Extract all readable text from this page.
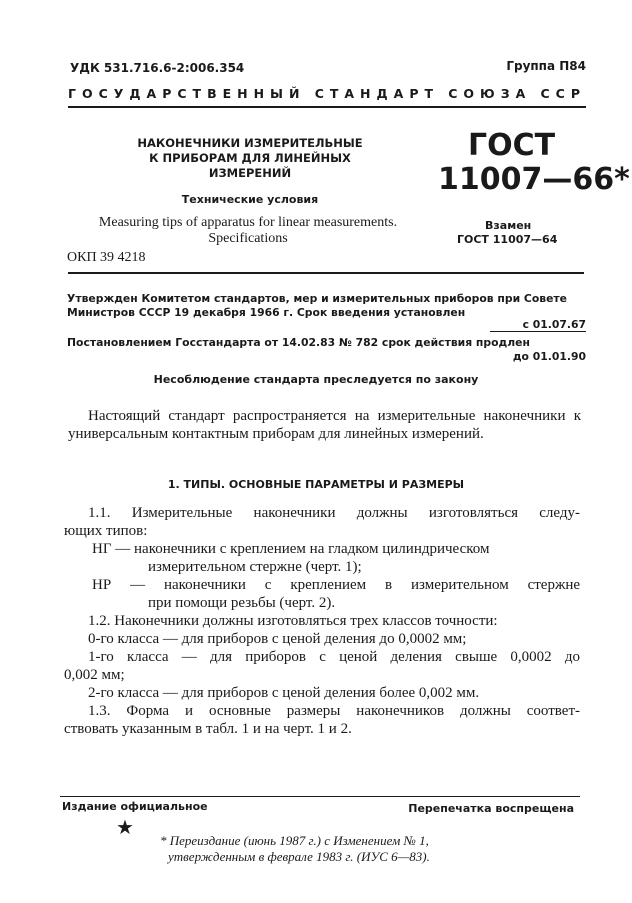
УДК 531.716.6-2:006.354	Группа П84
ГОСУДАРСТВЕННЫЙ СТАНДАРТ СОЮЗА ССР
НАКОНЕЧНИКИ ИЗМЕРИТЕЛЬНЫЕ
К ПРИБОРАМ ДЛЯ ЛИНЕЙНЫХ
ИЗМЕРЕНИЙ
Технические условия
Measuring tips of apparatus for linear measurements.
Specifications
ОКП 39 4218
ГОСТ
11007—66*
Взамен
ГОСТ 11007—64
Утвержден Комитетом стандартов, мер и измерительных приборов при Совете
Министров СССР 19 декабря 1966 г. Срок введения установлен
с 01.07.67
Постановлением Госстандарта от 14.02.83 № 782 срок действия продлен
до 01.01.90
Несоблюдение стандарта преследуется по закону
Настоящий стандарт распространяется на измерительные наконечники к универсальным контактным приборам для линейных измерений.
1. ТИПЫ. ОСНОВНЫЕ ПАРАМЕТРЫ И РАЗМЕРЫ
1.1. Измерительные наконечники должны изготовляться следу-
ющих типов:
НГ — наконечники с креплением на гладком цилиндрическом
измерительном стержне (черт. 1);
НР — наконечники с креплением в измерительном стержне
при помощи резьбы (черт. 2).
1.2. Наконечники должны изготовляться трех классов точности:
0-го класса — для приборов с ценой деления до 0,0002 мм;
1-го класса — для приборов с ценой деления свыше 0,0002 до
0,002 мм;
2-го класса — для приборов с ценой деления более 0,002 мм.
1.3. Форма и основные размеры наконечников должны соответ-
ствовать указанным в табл. 1 и на черт. 1 и 2.
Издание официальное	Перепечатка воспрещена
★
* Переиздание (июнь 1987 г.) с Изменением № 1,
утвержденным в феврале 1983 г. (ИУС 6—83).
